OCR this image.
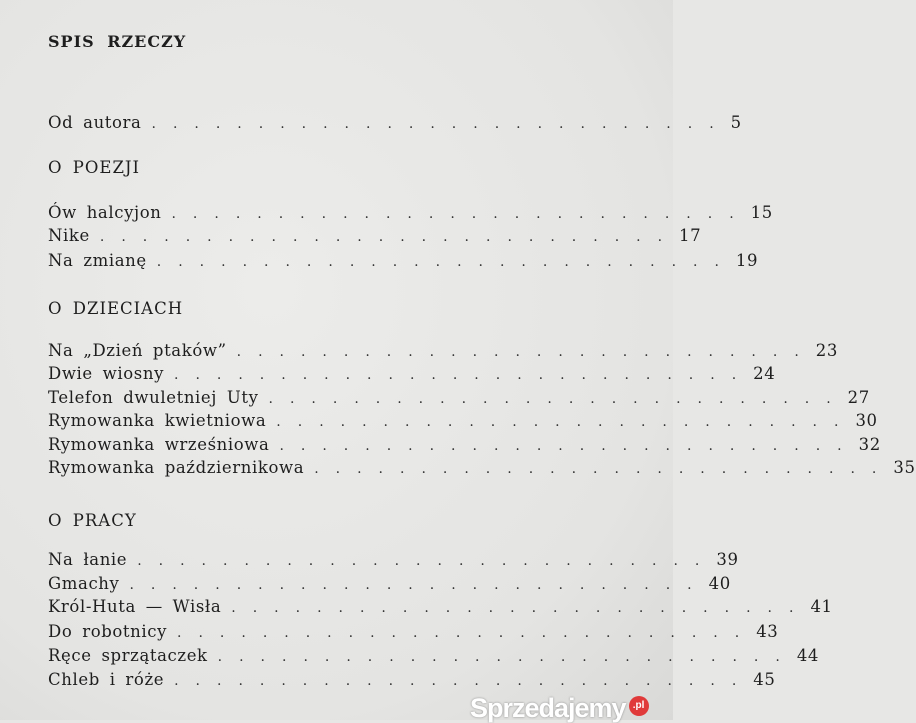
SPIS RZECZY
Od autora ........................... 5
O POEZJI
Ów halcyjon ........................... 15
Nike ........................... 17
Na zmianę ........................... 19
O DZIECIACH
Na „Dzień ptaków” ........................... 23
Dwie wiosny ........................... 24
Telefon dwuletniej Uty ........................... 27
Rymowanka kwietniowa ........................... 30
Rymowanka wrześniowa ........................... 32
Rymowanka październikowa ........................... 35
O PRACY
Na łanie ........................... 39
Gmachy ........................... 40
Król-Huta — Wisła ........................... 41
Do robotnicy ........................... 43
Ręce sprzątaczek ........................... 44
Chleb i róże ........................... 45
Sprzedajemy .pl
